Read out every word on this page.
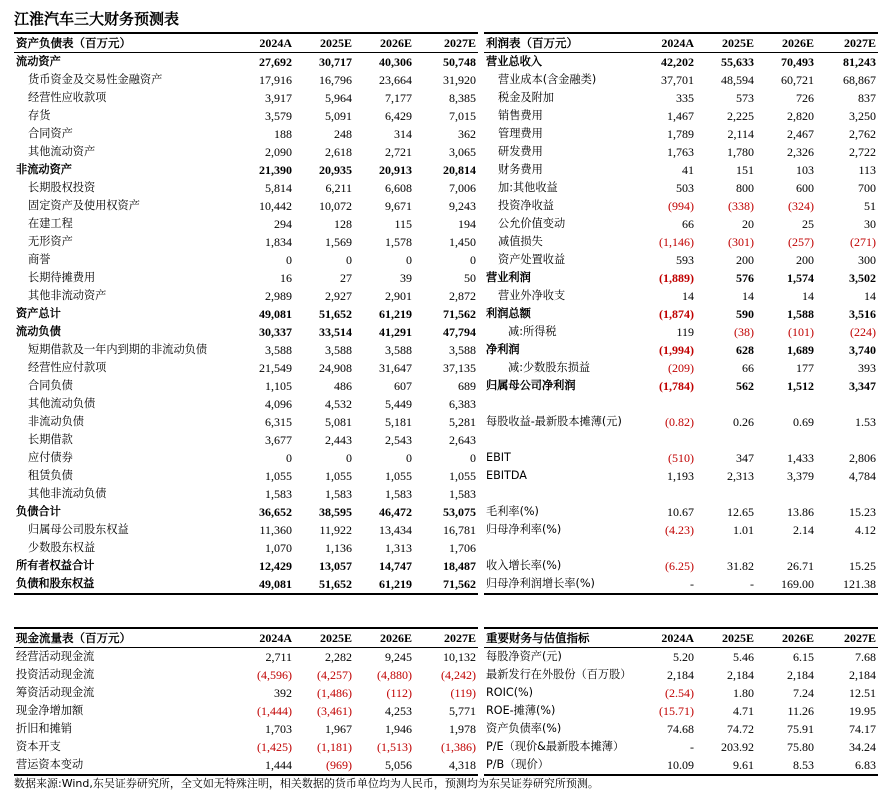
江淮汽车三大财务预测表
资产负债表（百万元）	2024A	2025E	2026E	2027E
流动资产	27,692	30,717	40,306	50,748
货币资金及交易性金融资产	17,916	16,796	23,664	31,920
经营性应收款项	3,917	5,964	7,177	8,385
存货	3,579	5,091	6,429	7,015
合同资产	188	248	314	362
其他流动资产	2,090	2,618	2,721	3,065
非流动资产	21,390	20,935	20,913	20,814
长期股权投资	5,814	6,211	6,608	7,006
固定资产及使用权资产	10,442	10,072	9,671	9,243
在建工程	294	128	115	194
无形资产	1,834	1,569	1,578	1,450
商誉	0	0	0	0
长期待摊费用	16	27	39	50
其他非流动资产	2,989	2,927	2,901	2,872
资产总计	49,081	51,652	61,219	71,562
流动负债	30,337	33,514	41,291	47,794
短期借款及一年内到期的非流动负债	3,588	3,588	3,588	3,588
经营性应付款项	21,549	24,908	31,647	37,135
合同负债	1,105	486	607	689
其他流动负债	4,096	4,532	5,449	6,383
非流动负债	6,315	5,081	5,181	5,281
长期借款	3,677	2,443	2,543	2,643
应付债券	0	0	0	0
租赁负债	1,055	1,055	1,055	1,055
其他非流动负债	1,583	1,583	1,583	1,583
负债合计	36,652	38,595	46,472	53,075
归属母公司股东权益	11,360	11,922	13,434	16,781
少数股东权益	1,070	1,136	1,313	1,706
所有者权益合计	12,429	13,057	14,747	18,487
负债和股东权益	49,081	51,652	61,219	71,562
利润表（百万元）	2024A	2025E	2026E	2027E
营业总收入	42,202	55,633	70,493	81,243
营业成本(含金融类)	37,701	48,594	60,721	68,867
税金及附加	335	573	726	837
销售费用	1,467	2,225	2,820	3,250
管理费用	1,789	2,114	2,467	2,762
研发费用	1,763	1,780	2,326	2,722
财务费用	41	151	103	113
加:其他收益	503	800	600	700
投资净收益	(994)	(338)	(324)	51
公允价值变动	66	20	25	30
减值损失	(1,146)	(301)	(257)	(271)
资产处置收益	593	200	200	300
营业利润	(1,889)	576	1,574	3,502
营业外净收支	14	14	14	14
利润总额	(1,874)	590	1,588	3,516
减:所得税	119	(38)	(101)	(224)
净利润	(1,994)	628	1,689	3,740
减:少数股东损益	(209)	66	177	393
归属母公司净利润	(1,784)	562	1,512	3,347

每股收益-最新股本摊薄(元)	(0.82)	0.26	0.69	1.53

EBIT	(510)	347	1,433	2,806
EBITDA	1,193	2,313	3,379	4,784

毛利率(%)	10.67	12.65	13.86	15.23
归母净利率(%)	(4.23)	1.01	2.14	4.12

收入增长率(%)	(6.25)	31.82	26.71	15.25
归母净利润增长率(%)	-	-	169.00	121.38
现金流量表（百万元）	2024A	2025E	2026E	2027E
经营活动现金流	2,711	2,282	9,245	10,132
投资活动现金流	(4,596)	(4,257)	(4,880)	(4,242)
筹资活动现金流	392	(1,486)	(112)	(119)
现金净增加额	(1,444)	(3,461)	4,253	5,771
折旧和摊销	1,703	1,967	1,946	1,978
资本开支	(1,425)	(1,181)	(1,513)	(1,386)
营运资本变动	1,444	(969)	5,056	4,318
重要财务与估值指标	2024A	2025E	2026E	2027E
每股净资产(元)	5.20	5.46	6.15	7.68
最新发行在外股份（百万股）	2,184	2,184	2,184	2,184
ROIC(%)	(2.54)	1.80	7.24	12.51
ROE-摊薄(%)	(15.71)	4.71	11.26	19.95
资产负债率(%)	74.68	74.72	75.91	74.17
P/E（现价&最新股本摊薄）	-	203.92	75.80	34.24
P/B（现价）	10.09	9.61	8.53	6.83
数据来源:Wind,东吴证券研究所，全文如无特殊注明，相关数据的货币单位均为人民币，预测均为东吴证券研究所预测。
